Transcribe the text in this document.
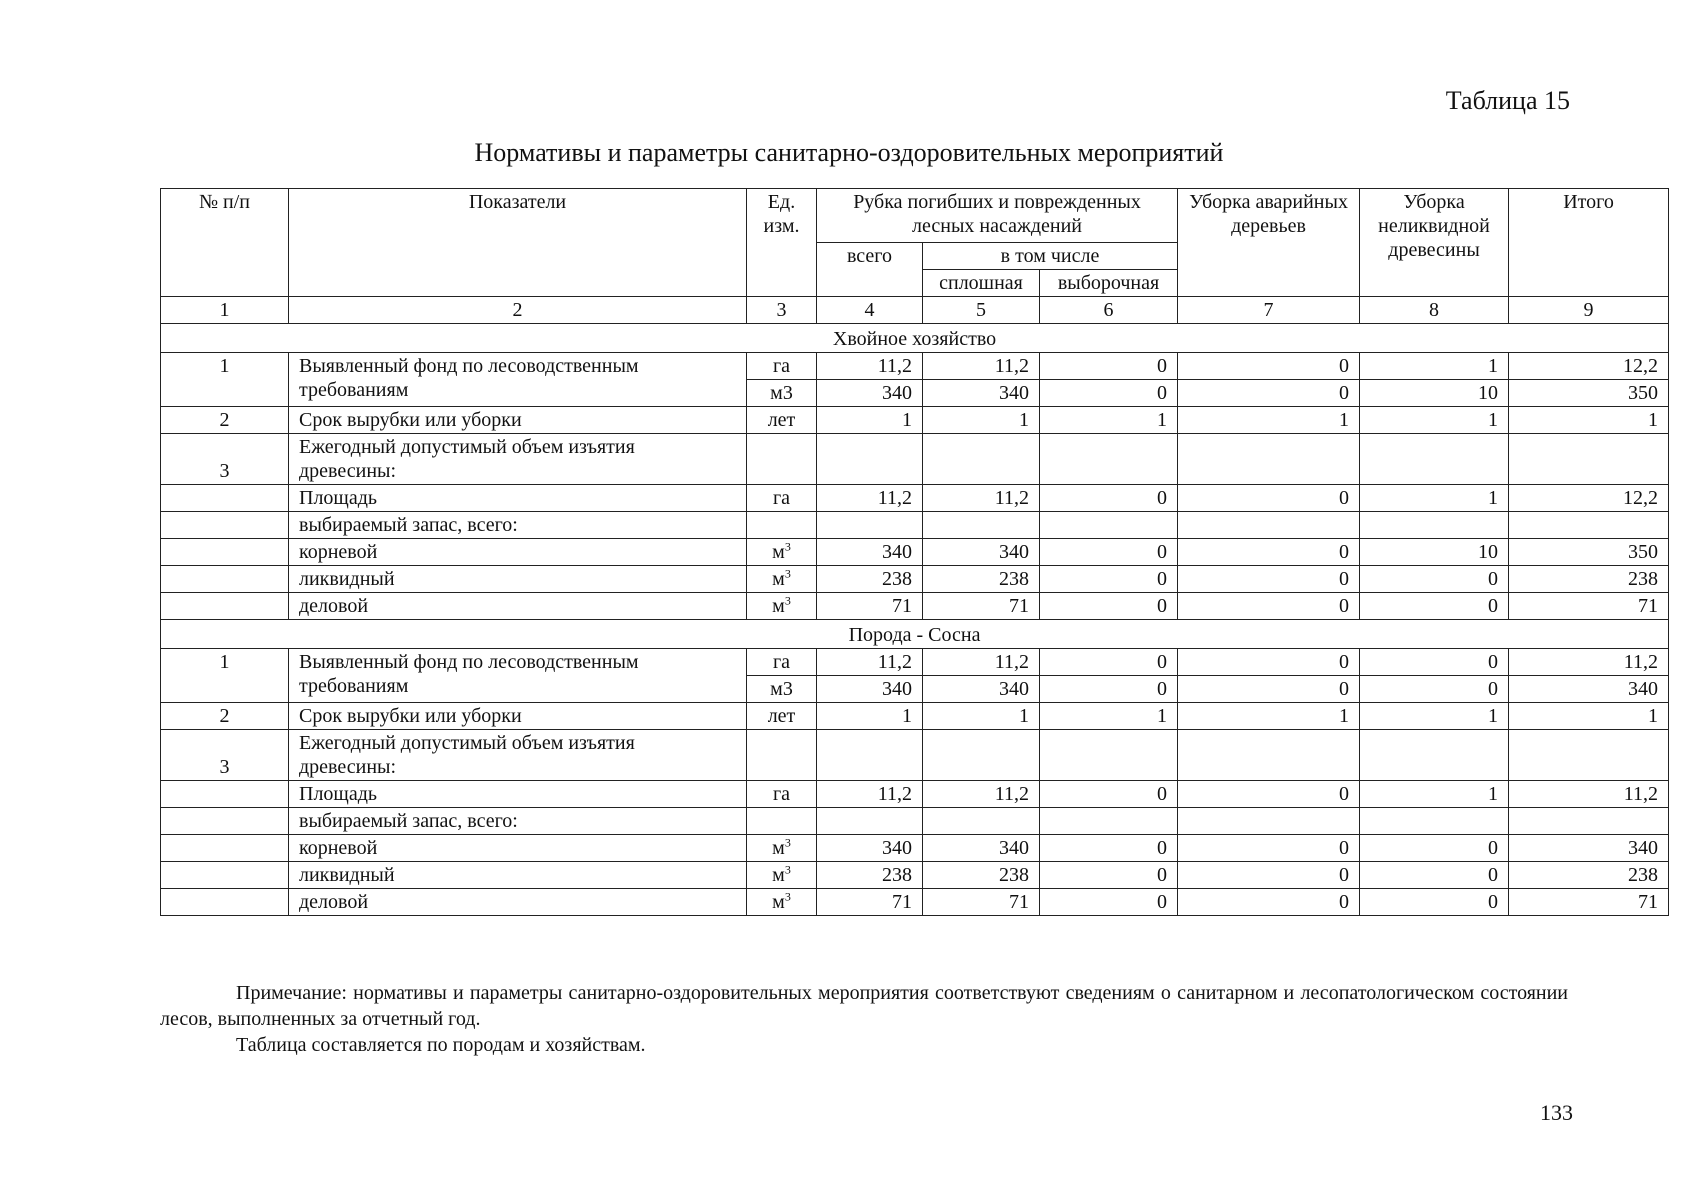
Таблица 15
Нормативы и параметры санитарно-оздоровительных мероприятий
№ п/п	Показатели	Ед. изм.	Рубка погибших и поврежденных лесных насаждений			Уборка аварийных деревьев	Уборка неликвидной древесины	Итого
			всего	в том числе				
				сплошная	выборочная			
1	2	3	4	5	6	7	8	9
Хвойное хозяйство								
1	Выявленный фонд по лесоводственным требованиям	га	11,2	11,2	0	0	1	12,2
		м3	340	340	0	0	10	350
2	Срок вырубки или уборки	лет	1	1	1	1	1	1
3	Ежегодный допустимый объем изъятия древесины:							
	Площадь	га	11,2	11,2	0	0	1	12,2
	выбираемый запас, всего:							
	корневой	$м^3$	340	340	0	0	10	350
	ликвидный	$м^3$	238	238	0	0	0	238
	деловой	$м^3$	71	71	0	0	0	71
Порода - Сосна								
1	Выявленный фонд по лесоводственным требованиям	га	11,2	11,2	0	0	0	11,2
		м3	340	340	0	0	0	340
2	Срок вырубки или уборки	лет	1	1	1	1	1	1
3	Ежегодный допустимый объем изъятия древесины:							
	Площадь	га	11,2	11,2	0	0	1	11,2
	выбираемый запас, всего:							
	корневой	$м^3$	340	340	0	0	0	340
	ликвидный	$м^3$	238	238	0	0	0	238
	деловой	$м^3$	71	71	0	0	0	71

Примечание: нормативы и параметры санитарно-оздоровительных мероприятия соответствуют сведениям о санитарном и лесопатологическом состоянии лесов, выполненных за отчетный год.

Таблица составляется по породам и хозяйствам.

133
